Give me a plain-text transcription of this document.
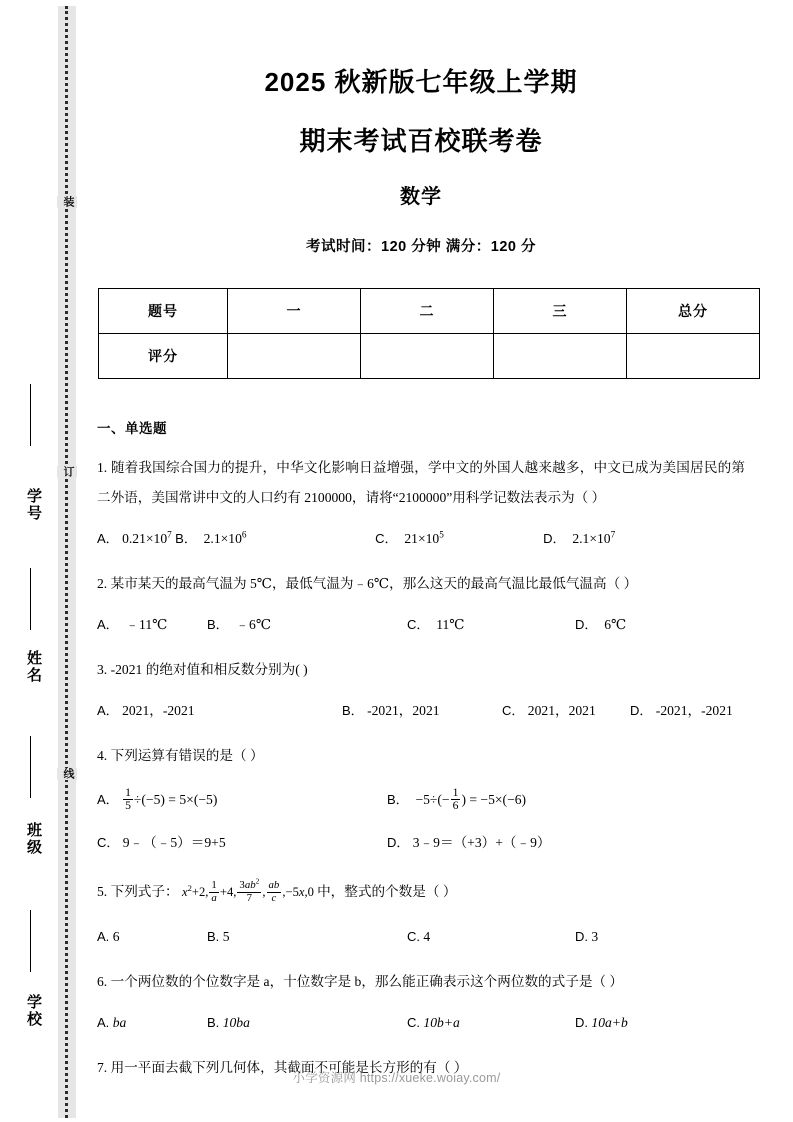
装
订
线
学号
姓名
班级
学校
2025 秋新版七年级上学期
期末考试百校联考卷
数学
考试时间：120 分钟 满分：120 分
题号	一	二	三	总分
评分				
一、单选题
1. 随着我国综合国力的提升，中华文化影响日益增强，学中文的外国人越来越多，中文已成为美国居民的第二外语，美国常讲中文的人口约有 2100000，请将“2100000”用科学记数法表示为（ ）
A． $0.21\times 10^7$ B．  $2.1\times 10^6$	C．  $21\times 10^5$	D．  $2.1\times 10^7$
2. 某市某天的最高气温为 5℃，最低气温为﹣6℃，那么这天的最高气温比最低气温高（ ）
A． ﹣11℃	B． ﹣6℃	C． 11℃	D． 6℃
3. -2021 的绝对值和相反数分别为( )
A． 2021，-2021	B． -2021，2021	C． 2021，2021	D． -2021，-2021
4. 下列运算有错误的是（ ）
A． $\frac{1}{5} \div(-5) = 5\times(-5)$	B．  $-5\div(- \frac{1}{6}$ ) = −5×(−6)
C． 9﹣（﹣5）＝9+5	D． 3﹣9＝（+3）+（﹣9）
5. 下列式子： $x^2+2$, $\frac{1}{a} +4$, $\frac{3ab^2}{7}$ , $\frac{ab}{c} ,-5x,0$ 中，整式的个数是（ ）
A. 6	B. 5	C. 4	D. 3
6. 一个两位数的个位数字是 a，十位数字是 b，那么能正确表示这个两位数的式子是（ ）
A. ba	B. 10ba	C. 10b+a	D. 10a+b
7. 用一平面去截下列几何体，其截面不可能是长方形的有（ ）
小学资源网 https://xueke.woiay.com/
